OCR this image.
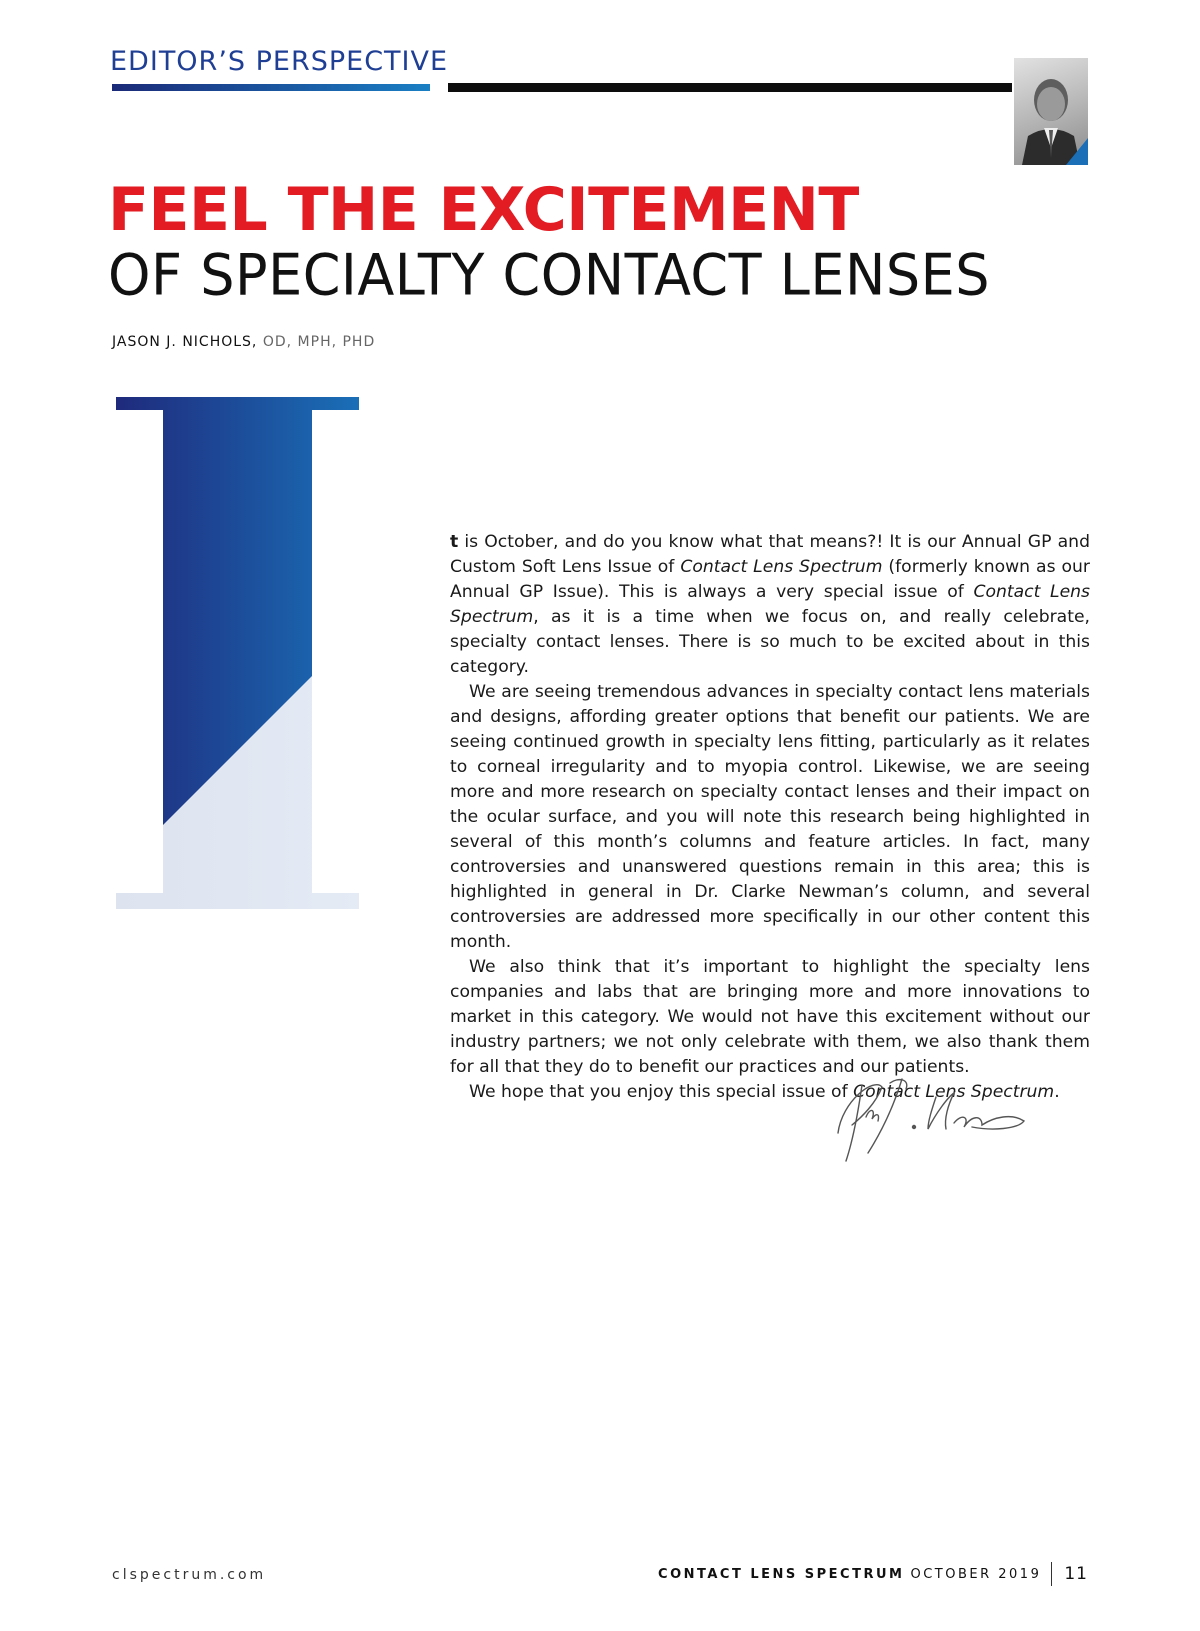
EDITOR’S PERSPECTIVE
FEEL THE EXCITEMENT
OF SPECIALTY CONTACT LENSES
JASON J. NICHOLS, OD, MPH, PHD

t is October, and do you know what that means?! It is our Annual GP and Custom Soft Lens Issue of Contact Lens Spectrum (formerly known as our Annual GP Issue). This is always a very special issue of Contact Lens Spectrum, as it is a time when we focus on, and really celebrate, specialty contact lenses. There is so much to be excited about in this category.

We are seeing tremendous advances in specialty contact lens materials and designs, affording greater options that benefit our patients. We are seeing continued growth in specialty lens fitting, particularly as it relates to corneal irregularity and to myopia control. Likewise, we are seeing more and more research on specialty contact lenses and their impact on the ocular surface, and you will note this research being highlighted in several of this month’s columns and feature articles. In fact, many controversies and unanswered questions remain in this area; this is highlighted in general in Dr. Clarke Newman’s column, and several controversies are addressed more specifically in our other content this month.

We also think that it’s important to highlight the specialty lens companies and labs that are bringing more and more innovations to market in this category. We would not have this excitement without our industry partners; we not only celebrate with them, we also thank them for all that they do to benefit our practices and our patients.

We hope that you enjoy this special issue of Contact Lens Spectrum.

clspectrum.com	CONTACT LENS SPECTRUM OCTOBER 2019 11
